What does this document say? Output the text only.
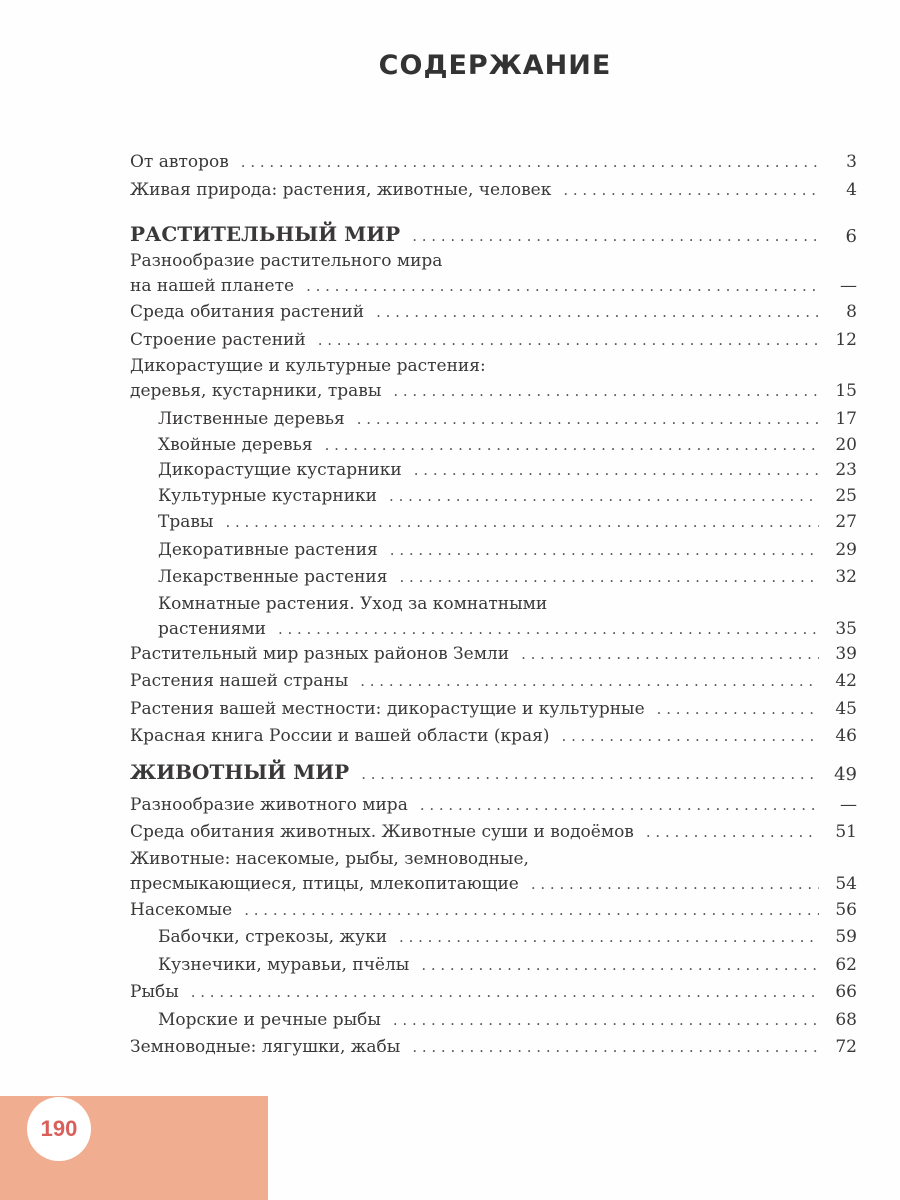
СОДЕРЖАНИЕ
От авторов . . .	3
Живая природа: растения, животные, человек . . .	4
РАСТИТЕЛЬНЫЙ МИР . . .	6
Разнообразие растительного мира
на нашей планете . . .	—
Среда обитания растений . . .	8
Строение растений . . .	12
Дикорастущие и культурные растения:
деревья, кустарники, травы . . .	15
Лиственные деревья . . .	17
Хвойные деревья . . .	20
Дикорастущие кустарники . . .	23
Культурные кустарники . . .	25
Травы . . .	27
Декоративные растения . . .	29
Лекарственные растения . . .	32
Комнатные растения. Уход за комнатными
растениями . . .	35
Растительный мир разных районов Земли . . .	39
Растения нашей страны . . .	42
Растения вашей местности: дикорастущие и культурные . . .	45
Красная книга России и вашей области (края) . . .	46
ЖИВОТНЫЙ МИР . . .	49
Разнообразие животного мира . . .	—
Среда обитания животных. Животные суши и водоёмов . . .	51
Животные: насекомые, рыбы, земноводные,
пресмыкающиеся, птицы, млекопитающие . . .	54
Насекомые . . .	56
Бабочки, стрекозы, жуки . . .	59
Кузнечики, муравьи, пчёлы . . .	62
Рыбы . . .	66
Морские и речные рыбы . . .	68
Земноводные: лягушки, жабы . . .	72
190
